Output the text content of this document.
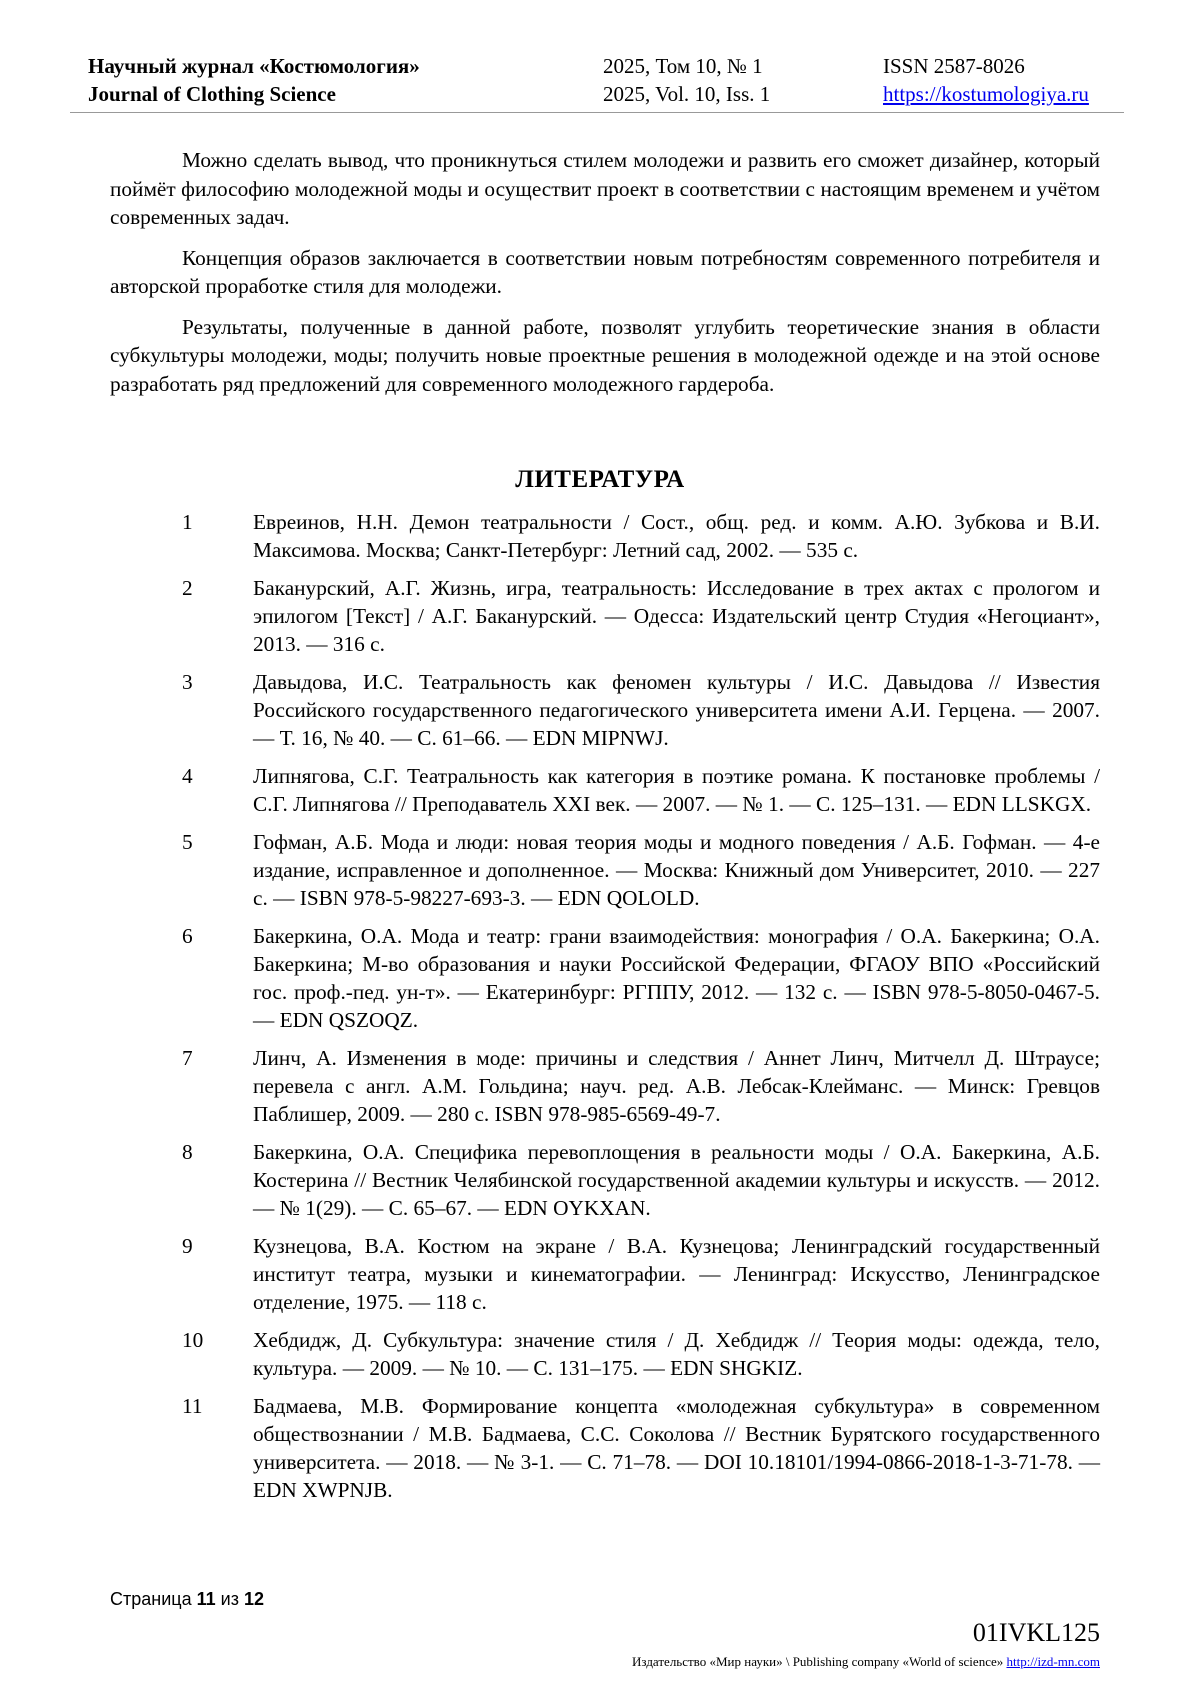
Научный журнал «Костюмология»
Journal of Clothing Science
2025, Том 10, № 1
2025, Vol. 10, Iss. 1
ISSN 2587-8026
https://kostumologiya.ru

Можно сделать вывод, что проникнуться стилем молодежи и развить его сможет дизайнер, который поймёт философию молодежной моды и осуществит проект в соответствии с настоящим временем и учётом современных задач.

Концепция образов заключается в соответствии новым потребностям современного потребителя и авторской проработке стиля для молодежи.

Результаты, полученные в данной работе, позволят углубить теоретические знания в области субкультуры молодежи, моды; получить новые проектные решения в молодежной одежде и на этой основе разработать ряд предложений для современного молодежного гардероба.

ЛИТЕРАТУРА
1	Евреинов, Н.Н. Демон театральности / Сост., общ. ред. и комм. А.Ю. Зубкова и В.И. Максимова. Москва; Санкт-Петербург: Летний сад, 2002. — 535 с.
2	Баканурский, А.Г. Жизнь, игра, театральность: Исследование в трех актах с прологом и эпилогом [Текст] / А.Г. Баканурский. — Одесса: Издательский центр Студия «Негоциант», 2013. — 316 с.
3	Давыдова, И.С. Театральность как феномен культуры / И.С. Давыдова // Известия Российского государственного педагогического университета имени А.И. Герцена. — 2007. — Т. 16, № 40. — С. 61–66. — EDN MIPNWJ.
4	Липнягова, С.Г. Театральность как категория в поэтике романа. К постановке проблемы / С.Г. Липнягова // Преподаватель XXI век. — 2007. — № 1. — С. 125–131. — EDN LLSKGX.
5	Гофман, А.Б. Мода и люди: новая теория моды и модного поведения / А.Б. Гофман. — 4-е издание, исправленное и дополненное. — Москва: Книжный дом Университет, 2010. — 227 с. — ISBN 978-5-98227-693-3. — EDN QOLOLD.
6	Бакеркина, О.А. Мода и театр: грани взаимодействия: монография / О.А. Бакеркина; О.А. Бакеркина; М-во образования и науки Российской Федерации, ФГАОУ ВПО «Российский гос. проф.-пед. ун-т». — Екатеринбург: РГППУ, 2012. — 132 с. — ISBN 978-5-8050-0467-5. — EDN QSZOQZ.
7	Линч, А. Изменения в моде: причины и следствия / Аннет Линч, Митчелл Д. Штраусе; перевела с англ. А.М. Гольдина; науч. ред. А.В. Лебсак-Клейманс. — Минск: Гревцов Паблишер, 2009. — 280 с. ISBN 978-985-6569-49-7.
8	Бакеркина, О.А. Специфика перевоплощения в реальности моды / О.А. Бакеркина, А.Б. Костерина // Вестник Челябинской государственной академии культуры и искусств. — 2012. — № 1(29). — С. 65–67. — EDN OYKXAN.
9	Кузнецова, В.А. Костюм на экране / В.А. Кузнецова; Ленинградский государственный институт театра, музыки и кинематографии. — Ленинград: Искусство, Ленинградское отделение, 1975. — 118 с.
10 Хебдидж, Д. Субкультура: значение стиля / Д. Хебдидж // Теория моды: одежда, тело, культура. — 2009. — № 10. — С. 131–175. — EDN SHGKIZ.
11 Бадмаева, М.В. Формирование концепта «молодежная субкультура» в современном обществознании / М.В. Бадмаева, С.С. Соколова // Вестник Бурятского государственного университета. — 2018. — № 3-1. — С. 71–78. — DOI 10.18101/1994-0866-2018-1-3-71-78. — EDN XWPNJB.
Страница 11 из 12
01IVKL125
Издательство «Мир науки» \ Publishing company «World of science» http://izd-mn.com
